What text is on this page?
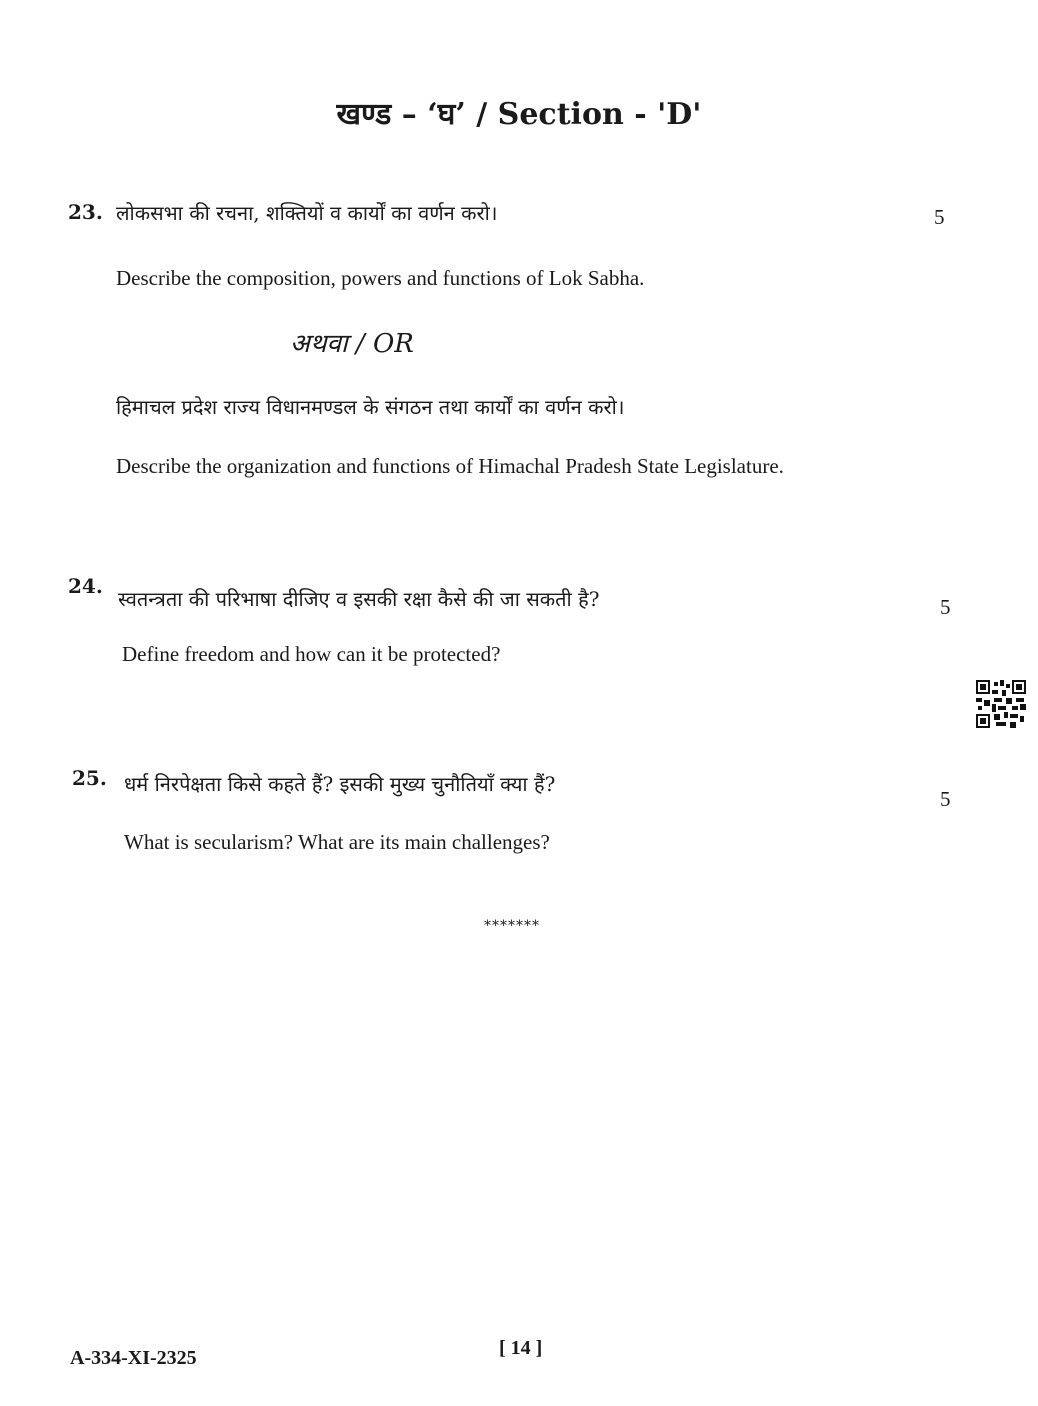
खण्ड – ‘घ’ / Section - 'D'
23. लोकसभा की रचना, शक्तियों व कार्यों का वर्णन करो।	5
Describe the composition, powers and functions of Lok Sabha.
अथवा / OR
हिमाचल प्रदेश राज्य विधानमण्डल के संगठन तथा कार्यों का वर्णन करो।
Describe the organization and functions of Himachal Pradesh State Legislature.
24.
स्वतन्त्रता की परिभाषा दीजिए व इसकी रक्षा कैसे की जा सकती है?	5
Define freedom and how can it be protected?
25. धर्म निरपेक्षता किसे कहते हैं? इसकी मुख्य चुनौतियाँ क्या हैं?
5
What is secularism? What are its main challenges?
*******
A-334-XI-2325	[ 14 ]
